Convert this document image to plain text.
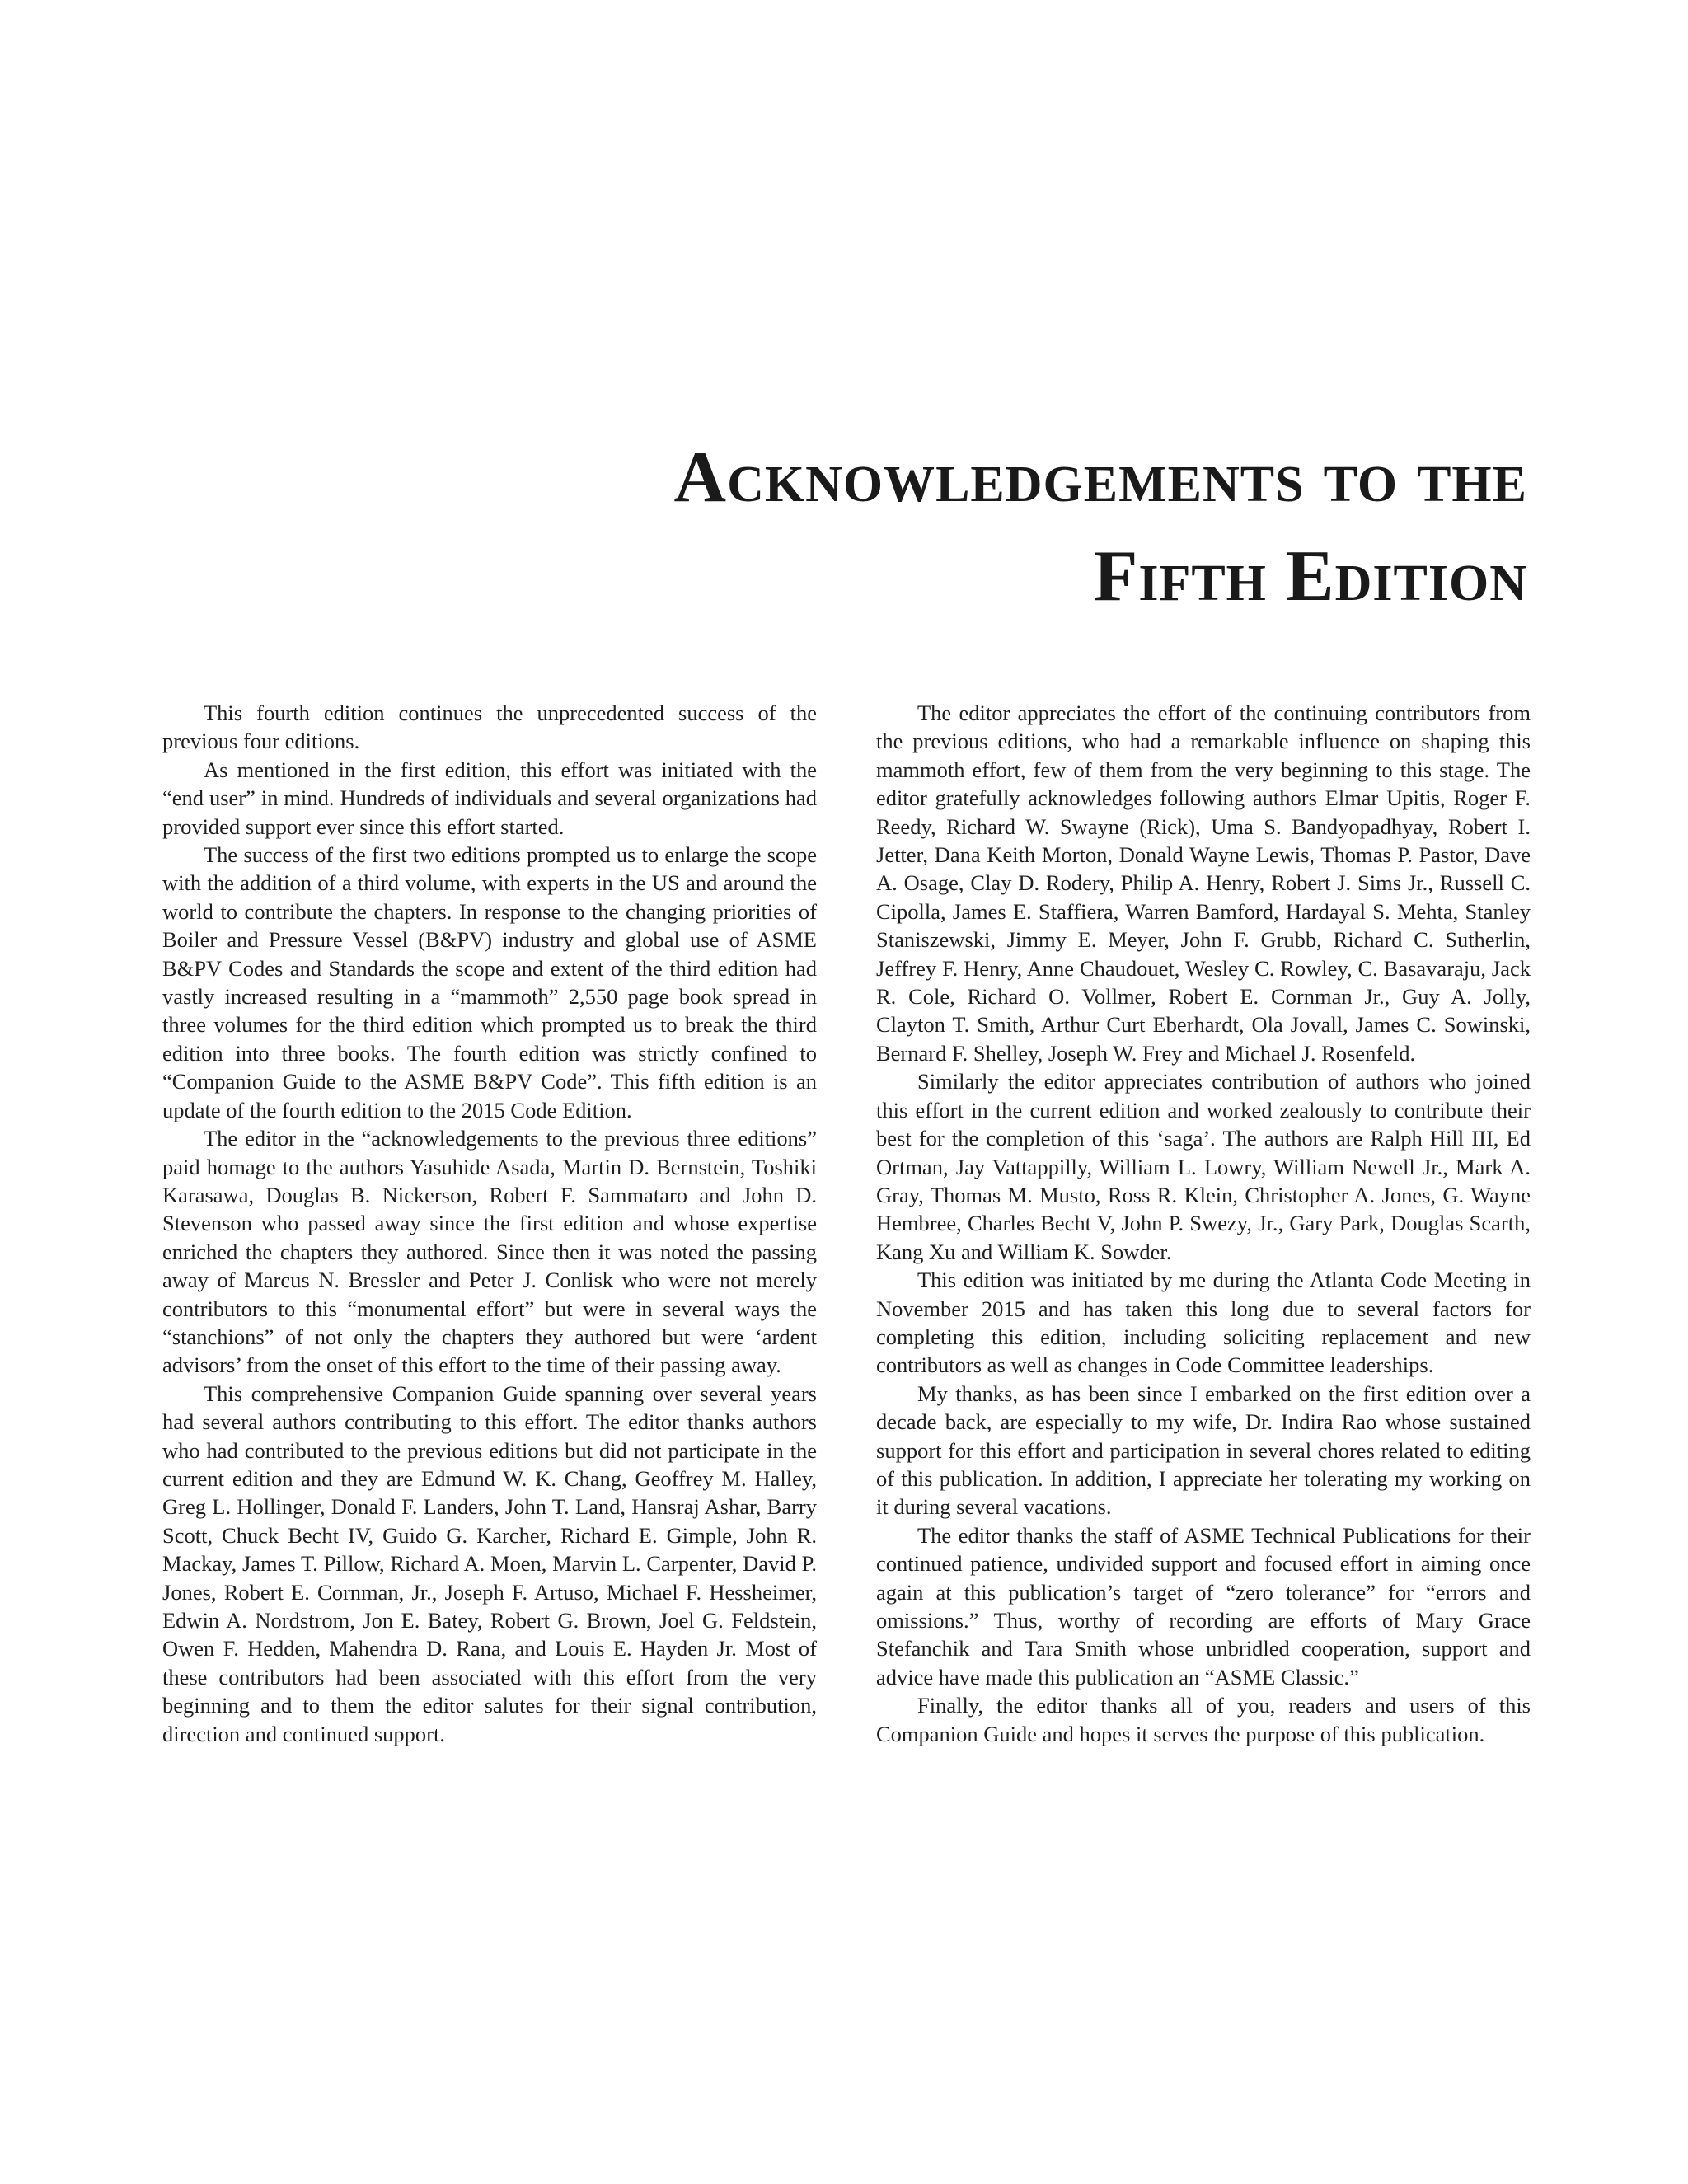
Acknowledgements to the
Fifth Edition

This fourth edition continues the unprecedented success of the previous four editions.

As mentioned in the first edition, this effort was initiated with the “end user” in mind. Hundreds of individuals and several organizations had provided support ever since this effort started.

The success of the first two editions prompted us to enlarge the scope with the addition of a third volume, with experts in the US and around the world to contribute the chapters. In response to the changing priorities of Boiler and Pressure Vessel (B&PV) industry and global use of ASME B&PV Codes and Standards the scope and extent of the third edition had vastly increased resulting in a “mammoth” 2,550 page book spread in three volumes for the third edition which prompted us to break the third edition into three books. The fourth edition was strictly confined to “Companion Guide to the ASME B&PV Code”. This fifth edition is an update of the fourth edition to the 2015 Code Edition.

The editor in the “acknowledgements to the previous three editions” paid homage to the authors Yasuhide Asada, Martin D. Bernstein, Toshiki Karasawa, Douglas B. Nickerson, Robert F. Sammataro and John D. Stevenson who passed away since the first edition and whose expertise enriched the chapters they authored. Since then it was noted the passing away of Marcus N. Bressler and Peter J. Conlisk who were not merely contributors to this “monumental effort” but were in several ways the “stanchions” of not only the chapters they authored but were ‘ardent advisors’ from the onset of this effort to the time of their passing away.

This comprehensive Companion Guide spanning over several years had several authors contributing to this effort. The editor thanks authors who had contributed to the previous editions but did not participate in the current edition and they are Edmund W. K. Chang, Geoffrey M. Halley, Greg L. Hollinger, Donald F. Landers, John T. Land, Hansraj Ashar, Barry Scott, Chuck Becht IV, Guido G. Karcher, Richard E. Gimple, John R. Mackay, James T. Pillow, Richard A. Moen, Marvin L. Carpenter, David P. Jones, Robert E. Cornman, Jr., Joseph F. Artuso, Michael F. Hessheimer, Edwin A. Nordstrom, Jon E. Batey, Robert G. Brown, Joel G. Feldstein, Owen F. Hedden, Mahendra D. Rana, and Louis E. Hayden Jr. Most of these contributors had been associated with this effort from the very beginning and to them the editor salutes for their signal contribution, direction and continued support.

The editor appreciates the effort of the continuing contributors from the previous editions, who had a remarkable influence on shaping this mammoth effort, few of them from the very beginning to this stage. The editor gratefully acknowledges following authors Elmar Upitis, Roger F. Reedy, Richard W. Swayne (Rick), Uma S. Bandyopadhyay, Robert I. Jetter, Dana Keith Morton, Donald Wayne Lewis, Thomas P. Pastor, Dave A. Osage, Clay D. Rodery, Philip A. Henry, Robert J. Sims Jr., Russell C. Cipolla, James E. Staffiera, Warren Bamford, Hardayal S. Mehta, Stanley Staniszewski, Jimmy E. Meyer, John F. Grubb, Richard C. Sutherlin, Jeffrey F. Henry, Anne Chaudouet, Wesley C. Rowley, C. Basavaraju, Jack R. Cole, Richard O. Vollmer, Robert E. Cornman Jr., Guy A. Jolly, Clayton T. Smith, Arthur Curt Eberhardt, Ola Jovall, James C. Sowinski, Bernard F. Shelley, Joseph W. Frey and Michael J. Rosenfeld.

Similarly the editor appreciates contribution of authors who joined this effort in the current edition and worked zealously to contribute their best for the completion of this ‘saga’. The authors are Ralph Hill III, Ed Ortman, Jay Vattappilly, William L. Lowry, William Newell Jr., Mark A. Gray, Thomas M. Musto, Ross R. Klein, Christopher A. Jones, G. Wayne Hembree, Charles Becht V, John P. Swezy, Jr., Gary Park, Douglas Scarth, Kang Xu and William K. Sowder.

This edition was initiated by me during the Atlanta Code Meeting in November 2015 and has taken this long due to several factors for completing this edition, including soliciting replacement and new contributors as well as changes in Code Committee leaderships.

My thanks, as has been since I embarked on the first edition over a decade back, are especially to my wife, Dr. Indira Rao whose sustained support for this effort and participation in several chores related to editing of this publication. In addition, I appreciate her tolerating my working on it during several vacations.

The editor thanks the staff of ASME Technical Publications for their continued patience, undivided support and focused effort in aiming once again at this publication’s target of “zero tolerance” for “errors and omissions.” Thus, worthy of recording are efforts of Mary Grace Stefanchik and Tara Smith whose unbridled cooperation, support and advice have made this publication an “ASME Classic.”

Finally, the editor thanks all of you, readers and users of this Companion Guide and hopes it serves the purpose of this publication.
